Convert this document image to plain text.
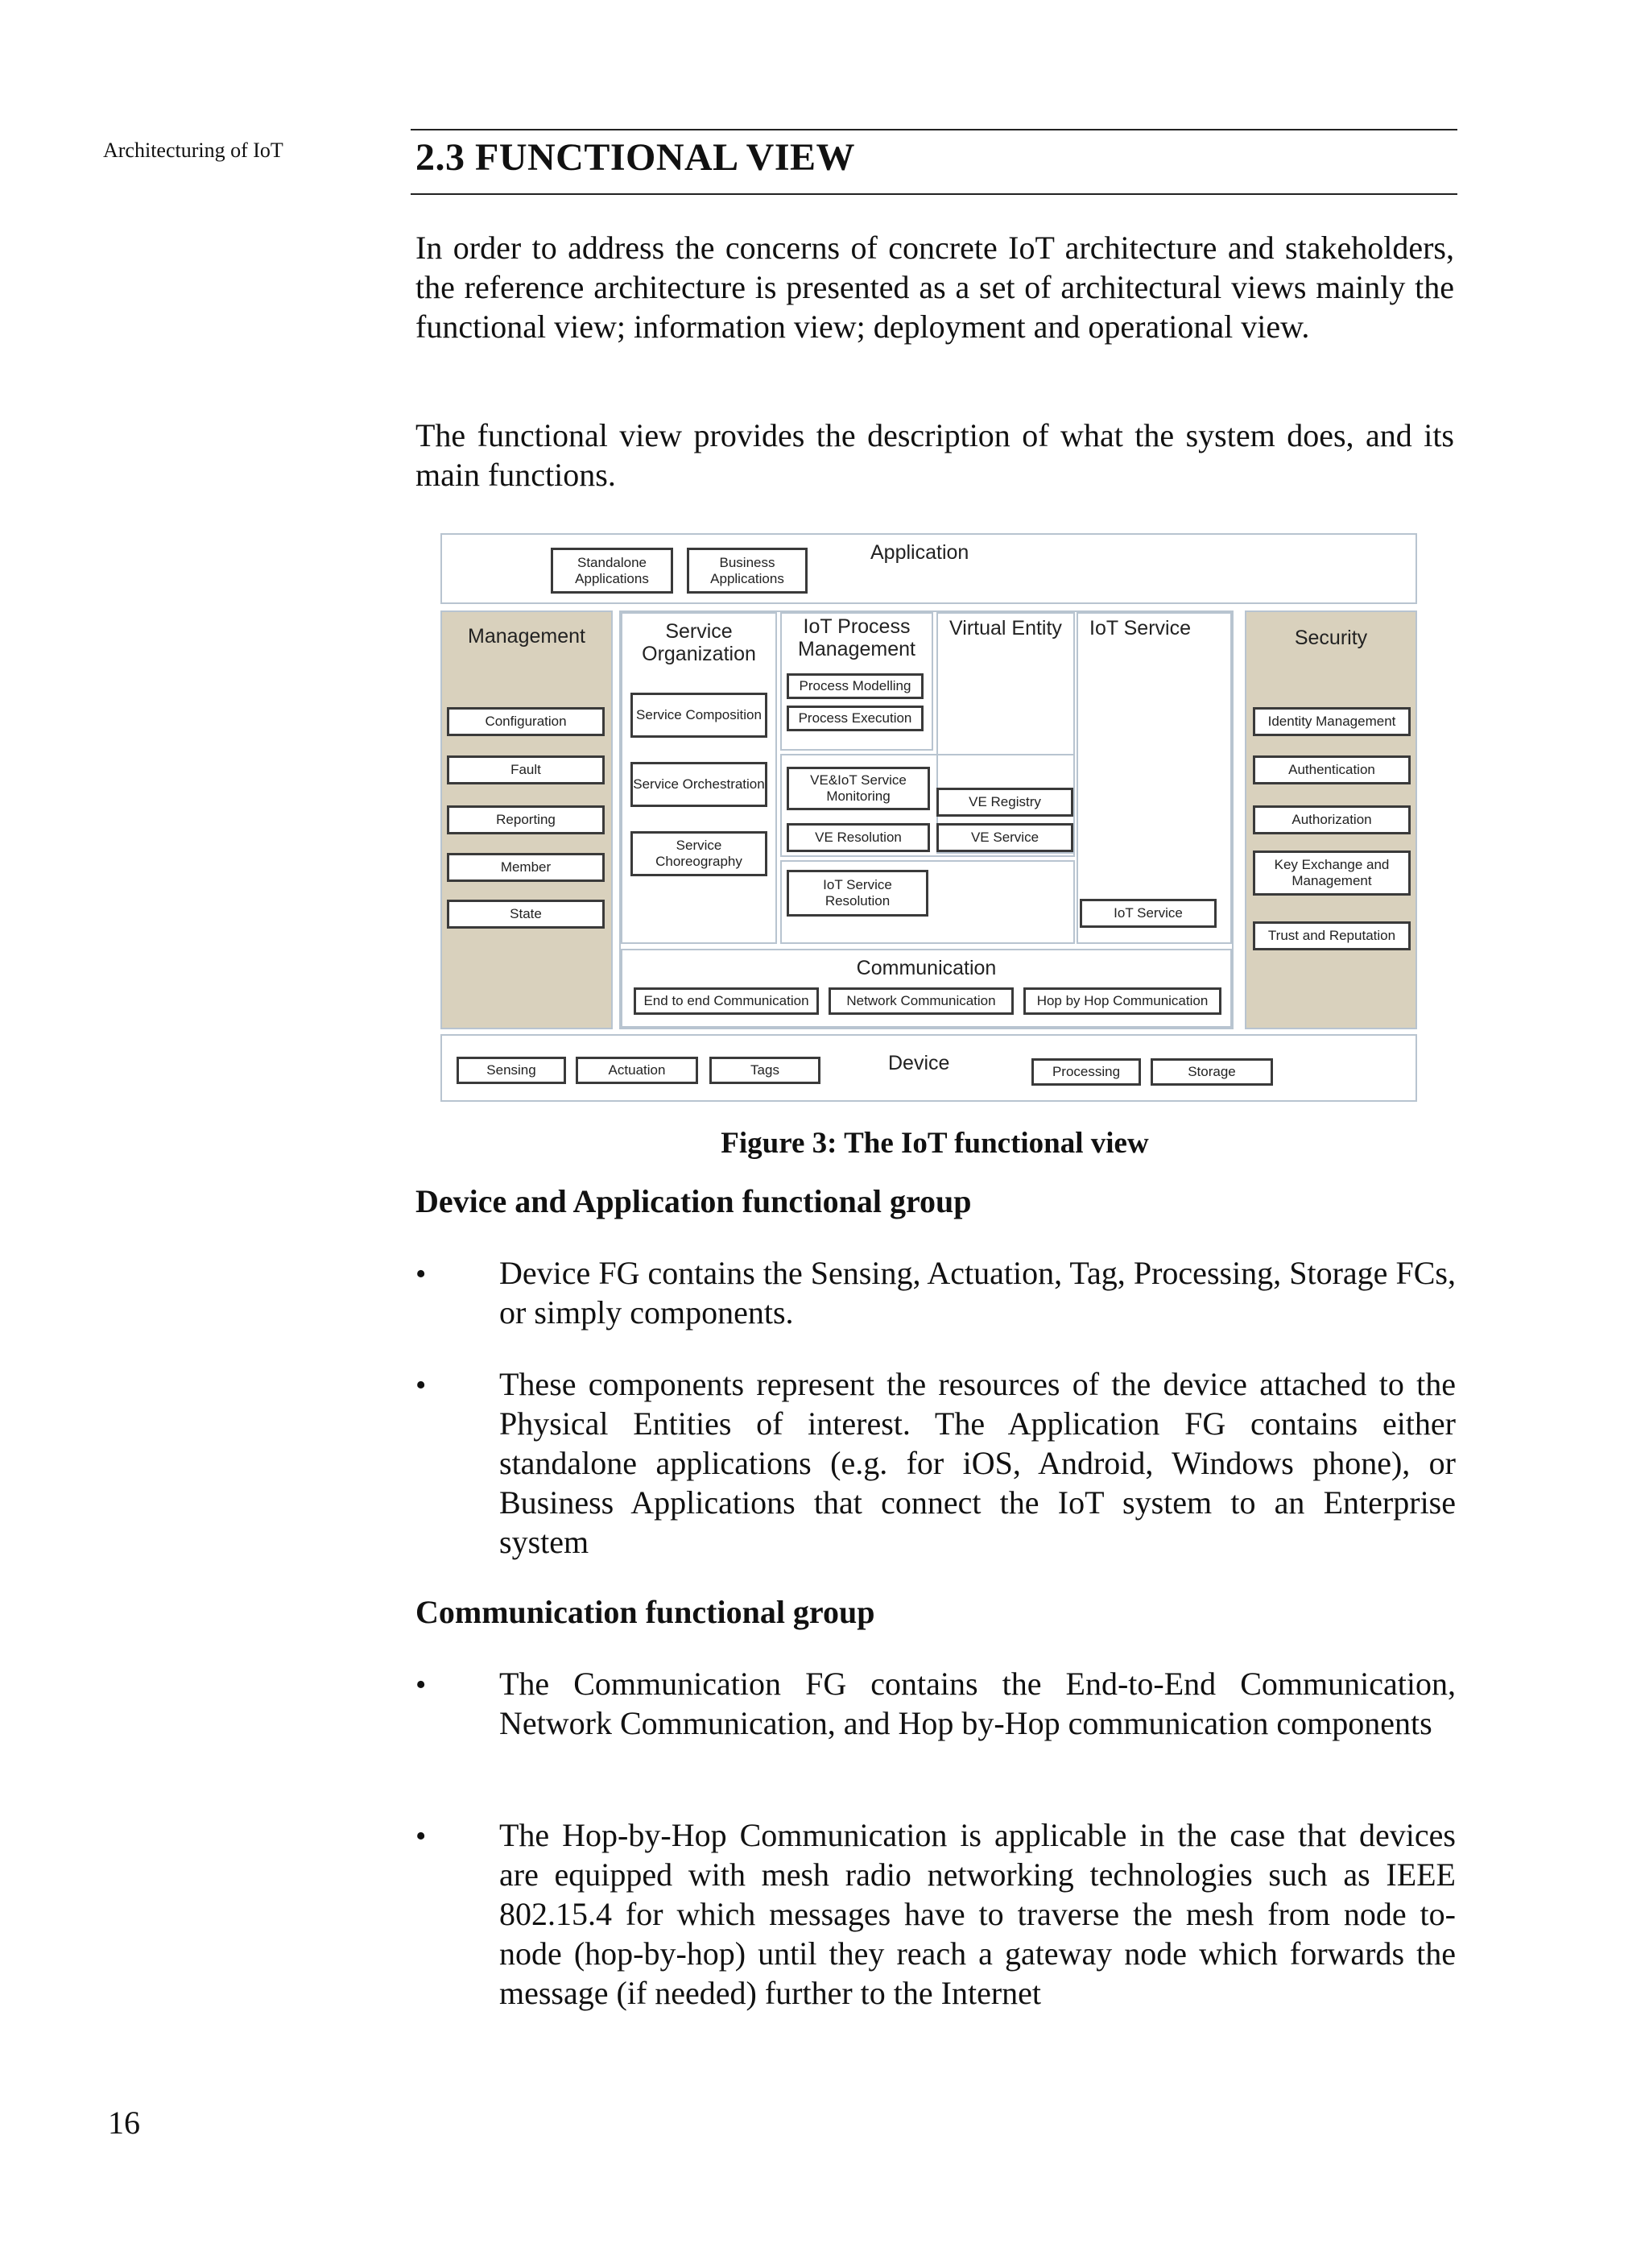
Architecturing of IoT	2.3 FUNCTIONAL VIEW

In order to address the concerns of concrete IoT architecture and stakeholders, the reference architecture is presented as a set of architectural views mainly the functional view; information view; deployment and operational view.

The functional view provides the description of what the system does, and its main functions.

Application
Standalone Applications
Business Applications
Management
Configuration
Fault
Reporting
Member
State
Service Organization
Service Composition
Service Orchestration
Service Choreography
IoT Process Management
Process Modelling
Process Execution
Virtual Entity
VE&IoT Service Monitoring	VE Registry
VE Resolution	VE Service
IoT Service
IoT Service
IoT Service Resolution
Communication
End to end Communication	Network Communication	Hop by Hop Communication
Security
Identity Management
Authentication
Authorization
Key Exchange and Management
Trust and Reputation
Device
Sensing	Actuation	Tags	Processing	Storage
Figure 3: The IoT functional view
Device and Application functional group
• Device FG contains the Sensing, Actuation, Tag, Processing, Storage FCs, or simply components.

• These components represent the resources of the device attached to the Physical Entities of interest. The Application FG contains either standalone applications (e.g. for iOS, Android, Windows phone), or Business Applications that connect the IoT system to an Enterprise system

Communication functional group
• The Communication FG contains the End-to-End Communication, Network Communication, and Hop by-Hop communication components

• The Hop-by-Hop Communication is applicable in the case that devices are equipped with mesh radio networking technologies such as IEEE 802.15.4 for which messages have to traverse the mesh from node to-node (hop-by-hop) until they reach a gateway node which forwards the message (if needed) further to the Internet

16
